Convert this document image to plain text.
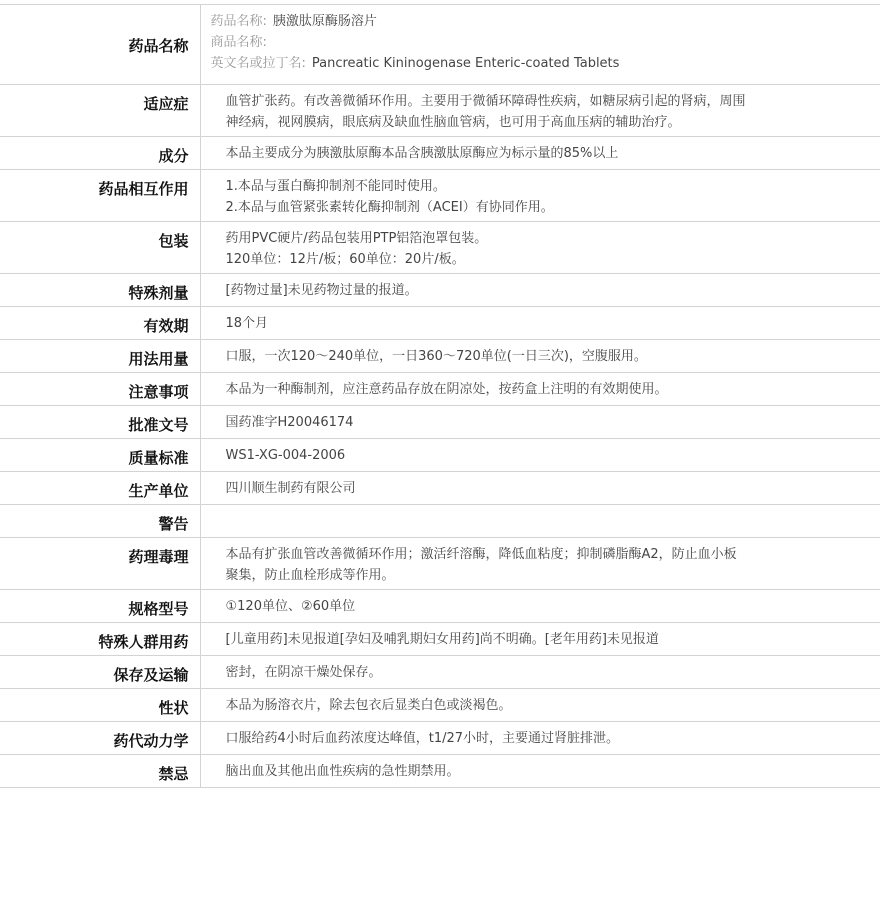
药品名称	药品名称: 胰激肽原酶肠溶片
商品名称:
英文名或拉丁名: Pancreatic Kininogenase Enteric-coated Tablets

适应症	血管扩张药。有改善微循环作用。主要用于微循环障碍性疾病，如糖尿病引起的肾病，周围
神经病，视网膜病，眼底病及缺血性脑血管病，也可用于高血压病的辅助治疗。

成分	本品主要成分为胰激肽原酶本品含胰激肽原酶应为标示量的85%以上

药品相互作用	1.本品与蛋白酶抑制剂不能同时使用。
2.本品与血管紧张素转化酶抑制剂（ACEI）有协同作用。

包装	药用PVC硬片/药品包装用PTP铝箔泡罩包装。
120单位：12片/板；60单位：20片/板。

特殊剂量	[药物过量]未见药物过量的报道。

有效期	18个月

用法用量	口服，一次120～240单位，一日360～720单位(一日三次)，空腹服用。

注意事项	本品为一种酶制剂，应注意药品存放在阴凉处，按药盒上注明的有效期使用。

批准文号	国药准字H20046174

质量标准	WS1-XG-004-2006

生产单位	四川顺生制药有限公司

警告	
药理毒理	本品有扩张血管改善微循环作用；激活纤溶酶，降低血粘度；抑制磷脂酶A2，防止血小板
聚集，防止血栓形成等作用。

规格型号	①120单位、②60单位

特殊人群用药	[儿童用药]未见报道[孕妇及哺乳期妇女用药]尚不明确。[老年用药]未见报道

保存及运输	密封，在阴凉干燥处保存。

性状	本品为肠溶衣片，除去包衣后显类白色或淡褐色。

药代动力学	口服给药4小时后血药浓度达峰值，t1/27小时，主要通过肾脏排泄。

禁忌	脑出血及其他出血性疾病的急性期禁用。
